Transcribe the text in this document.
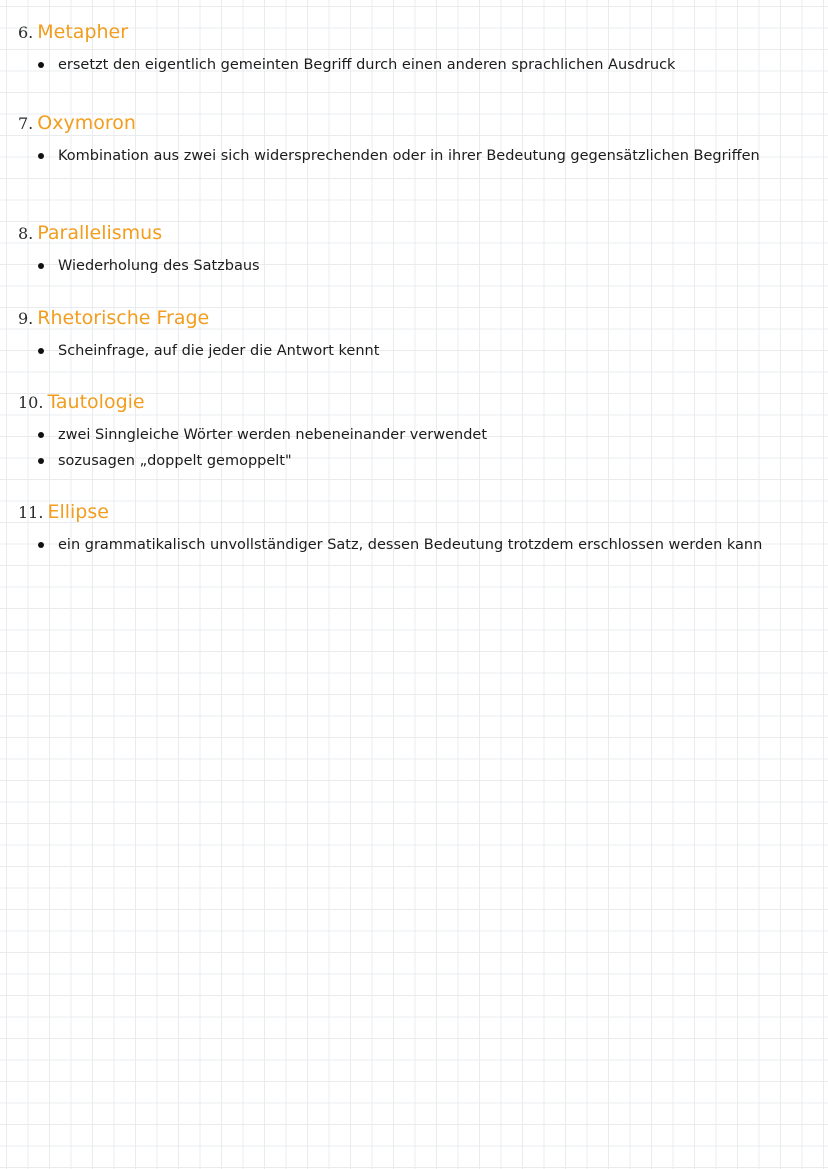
6. Metapher
ersetzt den eigentlich gemeinten Begriff durch einen anderen sprachlichen Ausdruck
7. Oxymoron
Kombination aus zwei sich widersprechenden oder in ihrer Bedeutung gegensätzlichen Begriffen
8. Parallelismus
Wiederholung des Satzbaus
9. Rhetorische Frage
Scheinfrage, auf die jeder die Antwort kennt
10. Tautologie
zwei Sinngleiche Wörter werden nebeneinander verwendet
sozusagen „doppelt gemoppelt"
11. Ellipse
ein grammatikalisch unvollständiger Satz, dessen Bedeutung trotzdem erschlossen werden kann
